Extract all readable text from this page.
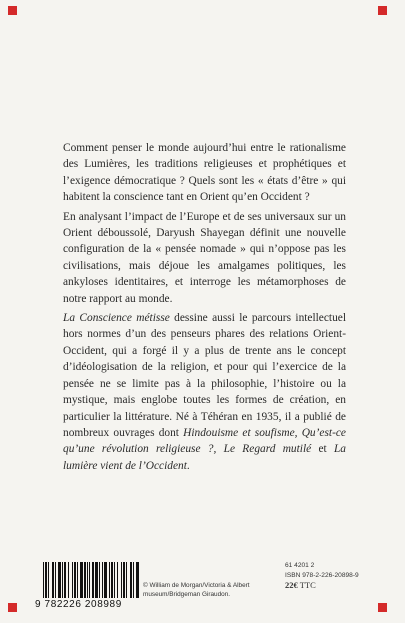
Comment penser le monde aujourd’hui entre le rationalisme des Lumières, les traditions religieuses et prophétiques et l’exigence démocratique ? Quels sont les « états d’être » qui habitent la conscience tant en Orient qu’en Occident ?

En analysant l’impact de l’Europe et de ses universaux sur un Orient déboussolé, Daryush Shayegan définit une nouvelle configuration de la « pensée nomade » qui n’oppose pas les civilisations, mais déjoue les amalgames politiques, les ankyloses identitaires, et interroge les métamorphoses de notre rapport au monde.

La Conscience métisse dessine aussi le parcours intellectuel hors normes d’un des penseurs phares des relations Orient-Occident, qui a forgé il y a plus de trente ans le concept d’idéologisation de la religion, et pour qui l’exercice de la pensée ne se limite pas à la philosophie, l’histoire ou la mystique, mais englobe toutes les formes de création, en particulier la littérature. Né à Téhéran en 1935, il a publié de nombreux ouvrages dont Hindouisme et soufisme, Qu’est-ce qu’une révolution religieuse ?, Le Regard mutilé et La lumière vient de l’Occident.

9 782226 208989
© William de Morgan/Victoria & Albert
museum/Bridgeman Giraudon.
61 4201 2
ISBN 978-2-226-20898-9
22€ TTC
